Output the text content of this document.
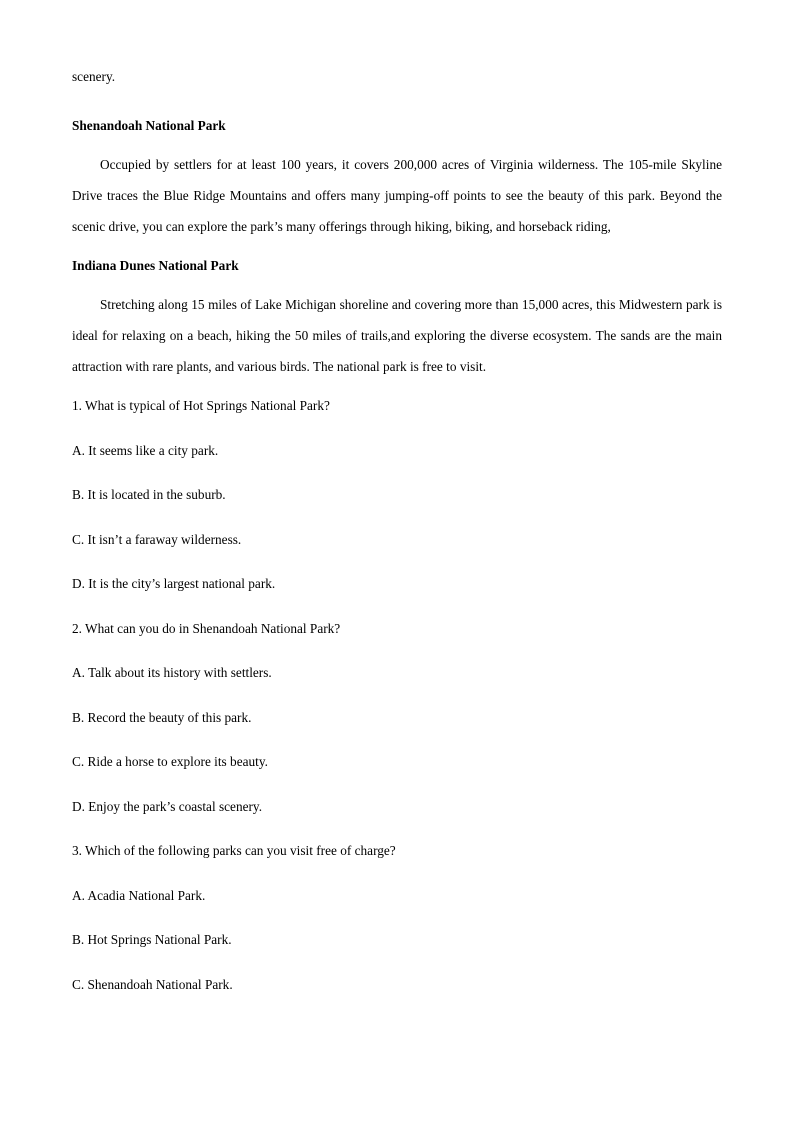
scenery.

Shenandoah National Park

Occupied by settlers for at least 100 years, it covers 200,000 acres of Virginia wilderness. The 105-mile Skyline Drive traces the Blue Ridge Mountains and offers many jumping-off points to see the beauty of this park. Beyond the scenic drive, you can explore the park’s many offerings through hiking, biking, and horseback riding,

Indiana Dunes National Park

Stretching along 15 miles of Lake Michigan shoreline and covering more than 15,000 acres, this Midwestern park is ideal for relaxing on a beach, hiking the 50 miles of trails,and exploring the diverse ecosystem. The sands are the main attraction with rare plants, and various birds. The national park is free to visit.

1. What is typical of Hot Springs National Park?

A. It seems like a city park.

B. It is located in the suburb.

C. It isn’t a faraway wilderness.

D. It is the city’s largest national park.

2. What can you do in Shenandoah National Park?

A. Talk about its history with settlers.

B. Record the beauty of this park.

C. Ride a horse to explore its beauty.

D. Enjoy the park’s coastal scenery.

3. Which of the following parks can you visit free of charge?

A. Acadia National Park.

B. Hot Springs National Park.

C. Shenandoah National Park.
